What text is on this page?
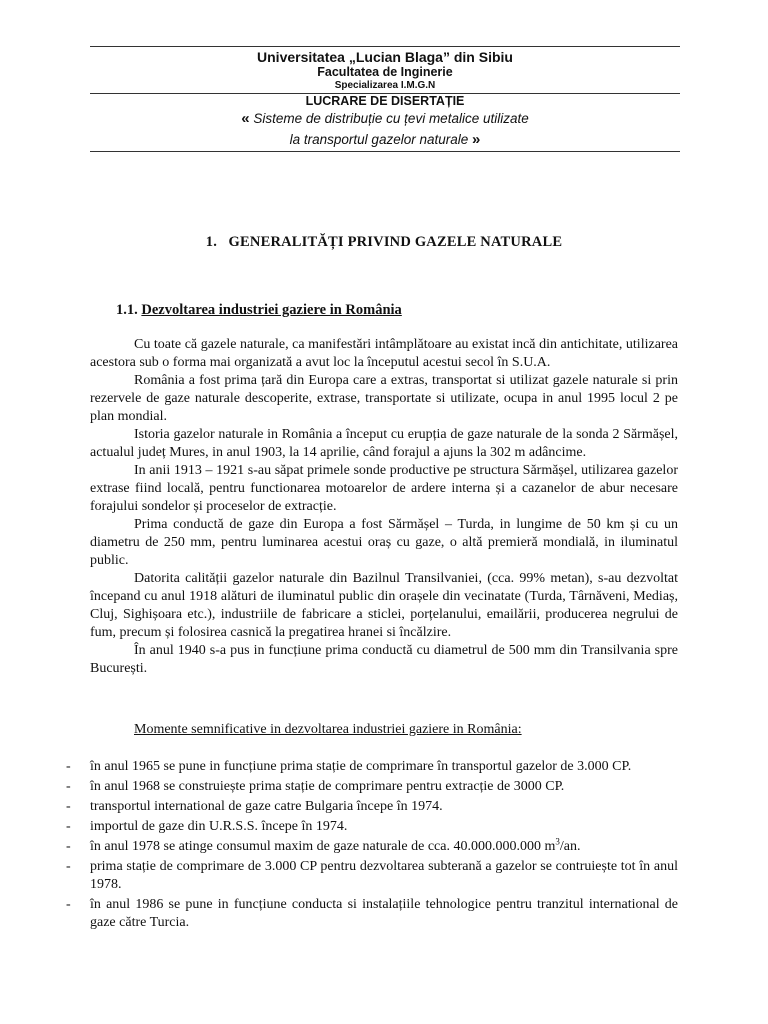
Universitatea „Lucian Blaga” din Sibiu
Facultatea de Inginerie
Specializarea I.M.G.N
LUCRARE DE DISERTAȚIE
« Sisteme de distribuție cu țevi metalice utilizate
la transportul gazelor naturale »
1. GENERALITĂȚI PRIVIND GAZELE NATURALE
1.1. Dezvoltarea industriei gaziere in România

Cu toate că gazele naturale, ca manifestări intâmplătoare au existat incă din antichitate, utilizarea acestora sub o forma mai organizată a avut loc la începutul acestui secol în S.U.A.

România a fost prima țară din Europa care a extras, transportat si utilizat gazele naturale si prin rezervele de gaze naturale descoperite, extrase, transportate si utilizate, ocupa in anul 1995 locul 2 pe plan mondial.

Istoria gazelor naturale in România a început cu erupția de gaze naturale de la sonda 2 Sărmășel, actualul județ Mures, in anul 1903, la 14 aprilie, când forajul a ajuns la 302 m adâncime.

In anii 1913 – 1921 s-au săpat primele sonde productive pe structura Sărmășel, utilizarea gazelor extrase fiind locală, pentru functionarea motoarelor de ardere interna și a cazanelor de abur necesare forajului sondelor și proceselor de extracție.

Prima conductă de gaze din Europa a fost Sărmășel – Turda, in lungime de 50 km și cu un diametru de 250 mm, pentru luminarea acestui oraș cu gaze, o altă premieră mondială, in iluminatul public.

Datorita calității gazelor naturale din Bazilnul Transilvaniei, (cca. 99% metan), s-au dezvoltat începand cu anul 1918 alături de iluminatul public din orașele din vecinatate (Turda, Târnăveni, Mediaș, Cluj, Sighișoara etc.), industriile de fabricare a sticlei, porțelanului, emailării, producerea negrului de fum, precum și folosirea casnică la pregatirea hranei si încălzire.

În anul 1940 s-a pus in funcțiune prima conductă cu diametrul de 500 mm din Transilvania spre București.

Momente semnificative in dezvoltarea industriei gaziere in România:
- în anul 1965 se pune in funcțiune prima stație de comprimare în transportul gazelor de 3.000 CP.
- în anul 1968 se construiește prima stație de comprimare pentru extracție de 3000 CP.
- transportul international de gaze catre Bulgaria începe în 1974.
- importul de gaze din U.R.S.S. începe în 1974.
- în anul 1978 se atinge consumul maxim de gaze naturale de cca. 40.000.000.000 $m^3/an$.
- prima stație de comprimare de 3.000 CP pentru dezvoltarea subterană a gazelor se contruiește tot în anul 1978.
- în anul 1986 se pune in funcțiune conducta si instalațiile tehnologice pentru tranzitul international de gaze către Turcia.
